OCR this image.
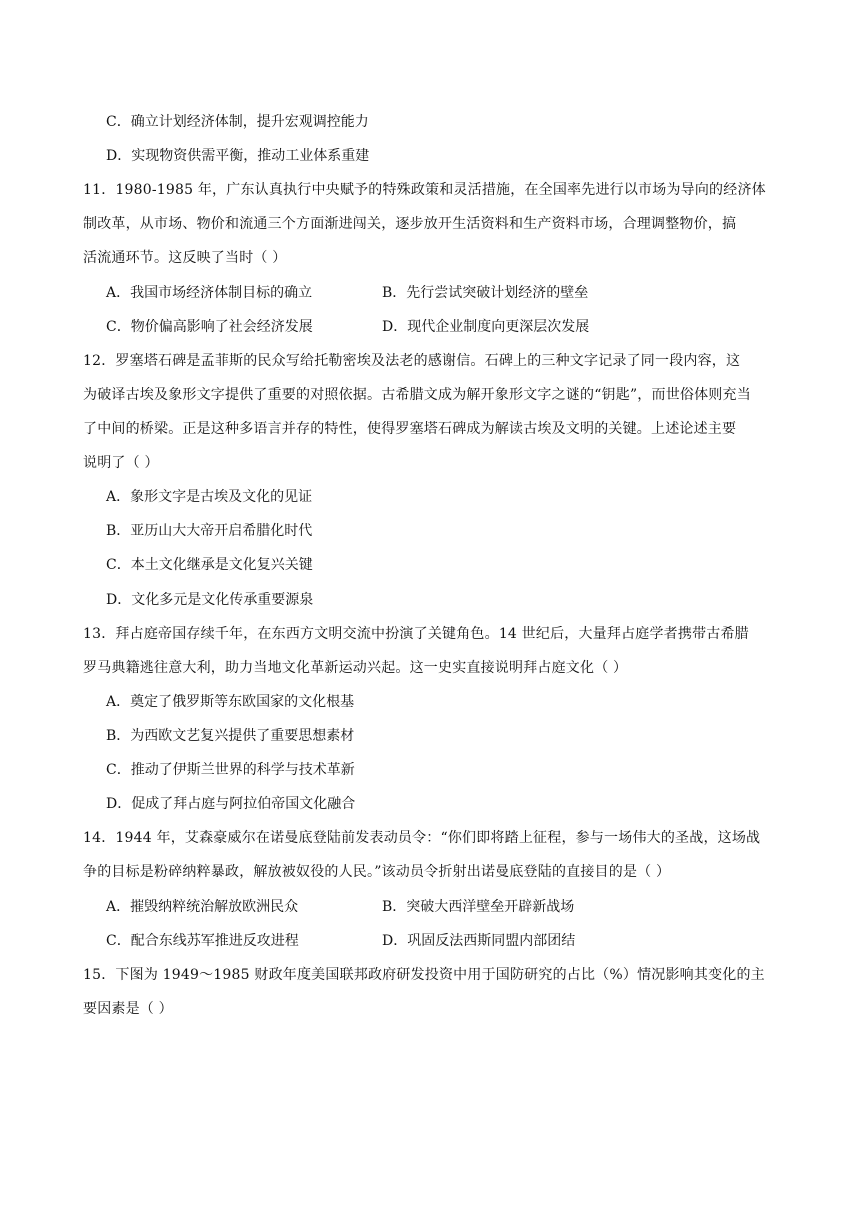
C．确立计划经济体制，提升宏观调控能力
D．实现物资供需平衡，推动工业体系重建
11．1980-1985 年，广东认真执行中央赋予的特殊政策和灵活措施，在全国率先进行以市场为导向的经济体
制改革，从市场、物价和流通三个方面渐进闯关，逐步放开生活资料和生产资料市场，合理调整物价，搞
活流通环节。这反映了当时（ ）
A．我国市场经济体制目标的确立	B．先行尝试突破计划经济的壁垒
C．物价偏高影响了社会经济发展	D．现代企业制度向更深层次发展
12．罗塞塔石碑是孟菲斯的民众写给托勒密埃及法老的感谢信。石碑上的三种文字记录了同一段内容，这
为破译古埃及象形文字提供了重要的对照依据。古希腊文成为解开象形文字之谜的“钥匙”，而世俗体则充当
了中间的桥梁。正是这种多语言并存的特性，使得罗塞塔石碑成为解读古埃及文明的关键。上述论述主要
说明了（ ）
A．象形文字是古埃及文化的见证
B．亚历山大大帝开启希腊化时代
C．本土文化继承是文化复兴关键
D．文化多元是文化传承重要源泉
13．拜占庭帝国存续千年，在东西方文明交流中扮演了关键角色。14 世纪后，大量拜占庭学者携带古希腊
罗马典籍逃往意大利，助力当地文化革新运动兴起。这一史实直接说明拜占庭文化（ ）
A．奠定了俄罗斯等东欧国家的文化根基
B．为西欧文艺复兴提供了重要思想素材
C．推动了伊斯兰世界的科学与技术革新
D．促成了拜占庭与阿拉伯帝国文化融合
14．1944 年，艾森豪威尔在诺曼底登陆前发表动员令：“你们即将踏上征程，参与一场伟大的圣战，这场战
争的目标是粉碎纳粹暴政，解放被奴役的人民。”该动员令折射出诺曼底登陆的直接目的是（ ）
A．摧毁纳粹统治解放欧洲民众	B．突破大西洋壁垒开辟新战场
C．配合东线苏军推进反攻进程	D．巩固反法西斯同盟内部团结
15．下图为 1949～1985 财政年度美国联邦政府研发投资中用于国防研究的占比（%）情况影响其变化的主
要因素是（ ）
